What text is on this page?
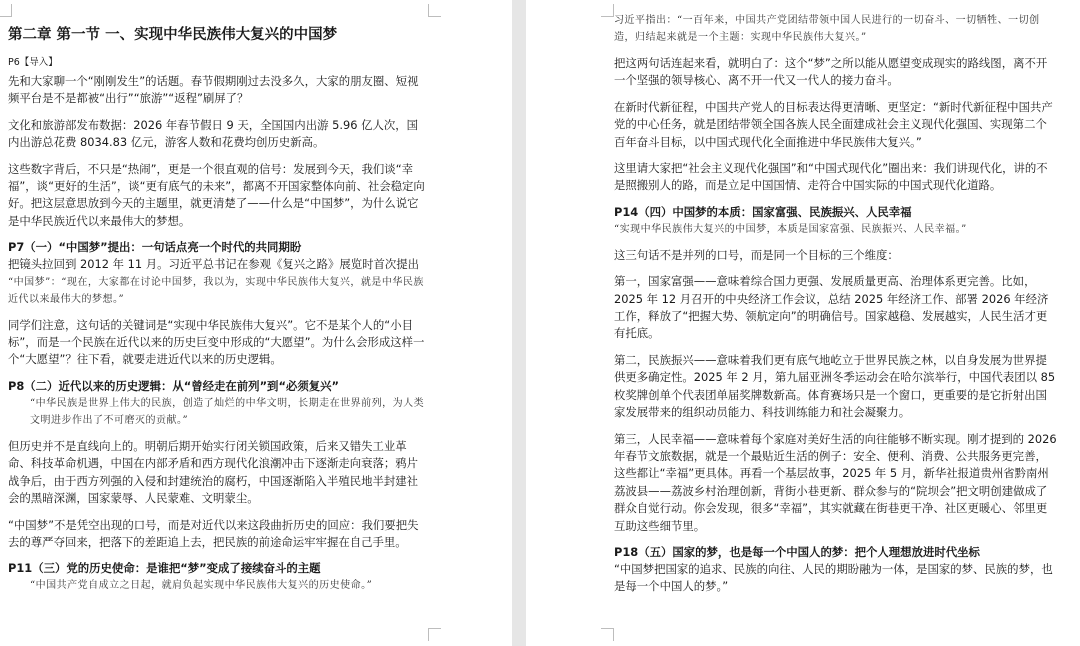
第二章 第一节 一、实现中华民族伟大复兴的中国梦

P6【导入】

先和大家聊一个“刚刚发生”的话题。春节假期刚过去没多久，大家的朋友圈、短视频平台是不是都被“出行”“旅游”“返程”刷屏了？

文化和旅游部发布数据：2026 年春节假日 9 天，全国国内出游 5.96 亿人次，国内出游总花费 8034.83 亿元，游客人数和花费均创历史新高。

这些数字背后，不只是“热闹”，更是一个很直观的信号：发展到今天，我们谈“幸福”，谈“更好的生活”，谈“更有底气的未来”，都离不开国家整体向前、社会稳定向好。把这层意思放到今天的主题里，就更清楚了——什么是“中国梦”，为什么说它是中华民族近代以来最伟大的梦想。

P7（一）“中国梦”提出：一句话点亮一个时代的共同期盼

把镜头拉回到 2012 年 11 月。习近平总书记在参观《复兴之路》展览时首次提出

“中国梦”：“现在，大家都在讨论中国梦，我以为，实现中华民族伟大复兴，就是中华民族近代以来最伟大的梦想。”

同学们注意，这句话的关键词是“实现中华民族伟大复兴”。它不是某个人的“小目标”，而是一个民族在近代以来的历史巨变中形成的“大愿望”。为什么会形成这样一个“大愿望”？往下看，就要走进近代以来的历史逻辑。

P8（二）近代以来的历史逻辑：从“曾经走在前列”到“必须复兴”

“中华民族是世界上伟大的民族，创造了灿烂的中华文明，长期走在世界前列，为人类文明进步作出了不可磨灭的贡献。”

但历史并不是直线向上的。明朝后期开始实行闭关锁国政策，后来又错失工业革命、科技革命机遇，中国在内部矛盾和西方现代化浪潮冲击下逐渐走向衰落；鸦片战争后，由于西方列强的入侵和封建统治的腐朽，中国逐渐陷入半殖民地半封建社会的黑暗深渊，国家蒙辱、人民蒙难、文明蒙尘。

“中国梦”不是凭空出现的口号，而是对近代以来这段曲折历史的回应：我们要把失去的尊严夺回来，把落下的差距追上去，把民族的前途命运牢牢握在自己手里。

P11（三）党的历史使命：是谁把“梦”变成了接续奋斗的主题

“中国共产党自成立之日起，就肩负起实现中华民族伟大复兴的历史使命。”

习近平指出：“一百年来，中国共产党团结带领中国人民进行的一切奋斗、一切牺牲、一切创造，归结起来就是一个主题：实现中华民族伟大复兴。”

把这两句话连起来看，就明白了：这个“梦”之所以能从愿望变成现实的路线图，离不开一个坚强的领导核心、离不开一代又一代人的接力奋斗。

在新时代新征程，中国共产党人的目标表达得更清晰、更坚定：“新时代新征程中国共产党的中心任务，就是团结带领全国各族人民全面建成社会主义现代化强国、实现第二个百年奋斗目标，以中国式现代化全面推进中华民族伟大复兴。”

这里请大家把“社会主义现代化强国”和“中国式现代化”圈出来：我们讲现代化，讲的不是照搬别人的路，而是立足中国国情、走符合中国实际的中国式现代化道路。

P14（四）中国梦的本质：国家富强、民族振兴、人民幸福

“实现中华民族伟大复兴的中国梦，本质是国家富强、民族振兴、人民幸福。”

这三句话不是并列的口号，而是同一个目标的三个维度：

第一，国家富强——意味着综合国力更强、发展质量更高、治理体系更完善。比如，2025 年 12 月召开的中央经济工作会议，总结 2025 年经济工作、部署 2026 年经济工作，释放了“把握大势、领航定向”的明确信号。国家越稳、发展越实，人民生活才更有托底。

第二，民族振兴——意味着我们更有底气地屹立于世界民族之林，以自身发展为世界提供更多确定性。2025 年 2 月，第九届亚洲冬季运动会在哈尔滨举行，中国代表团以 85 枚奖牌创单个代表团单届奖牌数新高。体育赛场只是一个窗口，更重要的是它折射出国家发展带来的组织动员能力、科技训练能力和社会凝聚力。

第三，人民幸福——意味着每个家庭对美好生活的向往能够不断实现。刚才提到的 2026 年春节文旅数据，就是一个最贴近生活的例子：安全、便利、消费、公共服务更完善，这些都让“幸福”更具体。再看一个基层故事，2025 年 5 月，新华社报道贵州省黔南州荔波县——荔波乡村治理创新，背街小巷更新、群众参与的“院坝会”把文明创建做成了群众自觉行动。你会发现，很多“幸福”，其实就藏在街巷更干净、社区更暖心、邻里更互助这些细节里。

P18（五）国家的梦，也是每一个中国人的梦：把个人理想放进时代坐标

“中国梦把国家的追求、民族的向往、人民的期盼融为一体，是国家的梦、民族的梦，也是每一个中国人的梦。”
